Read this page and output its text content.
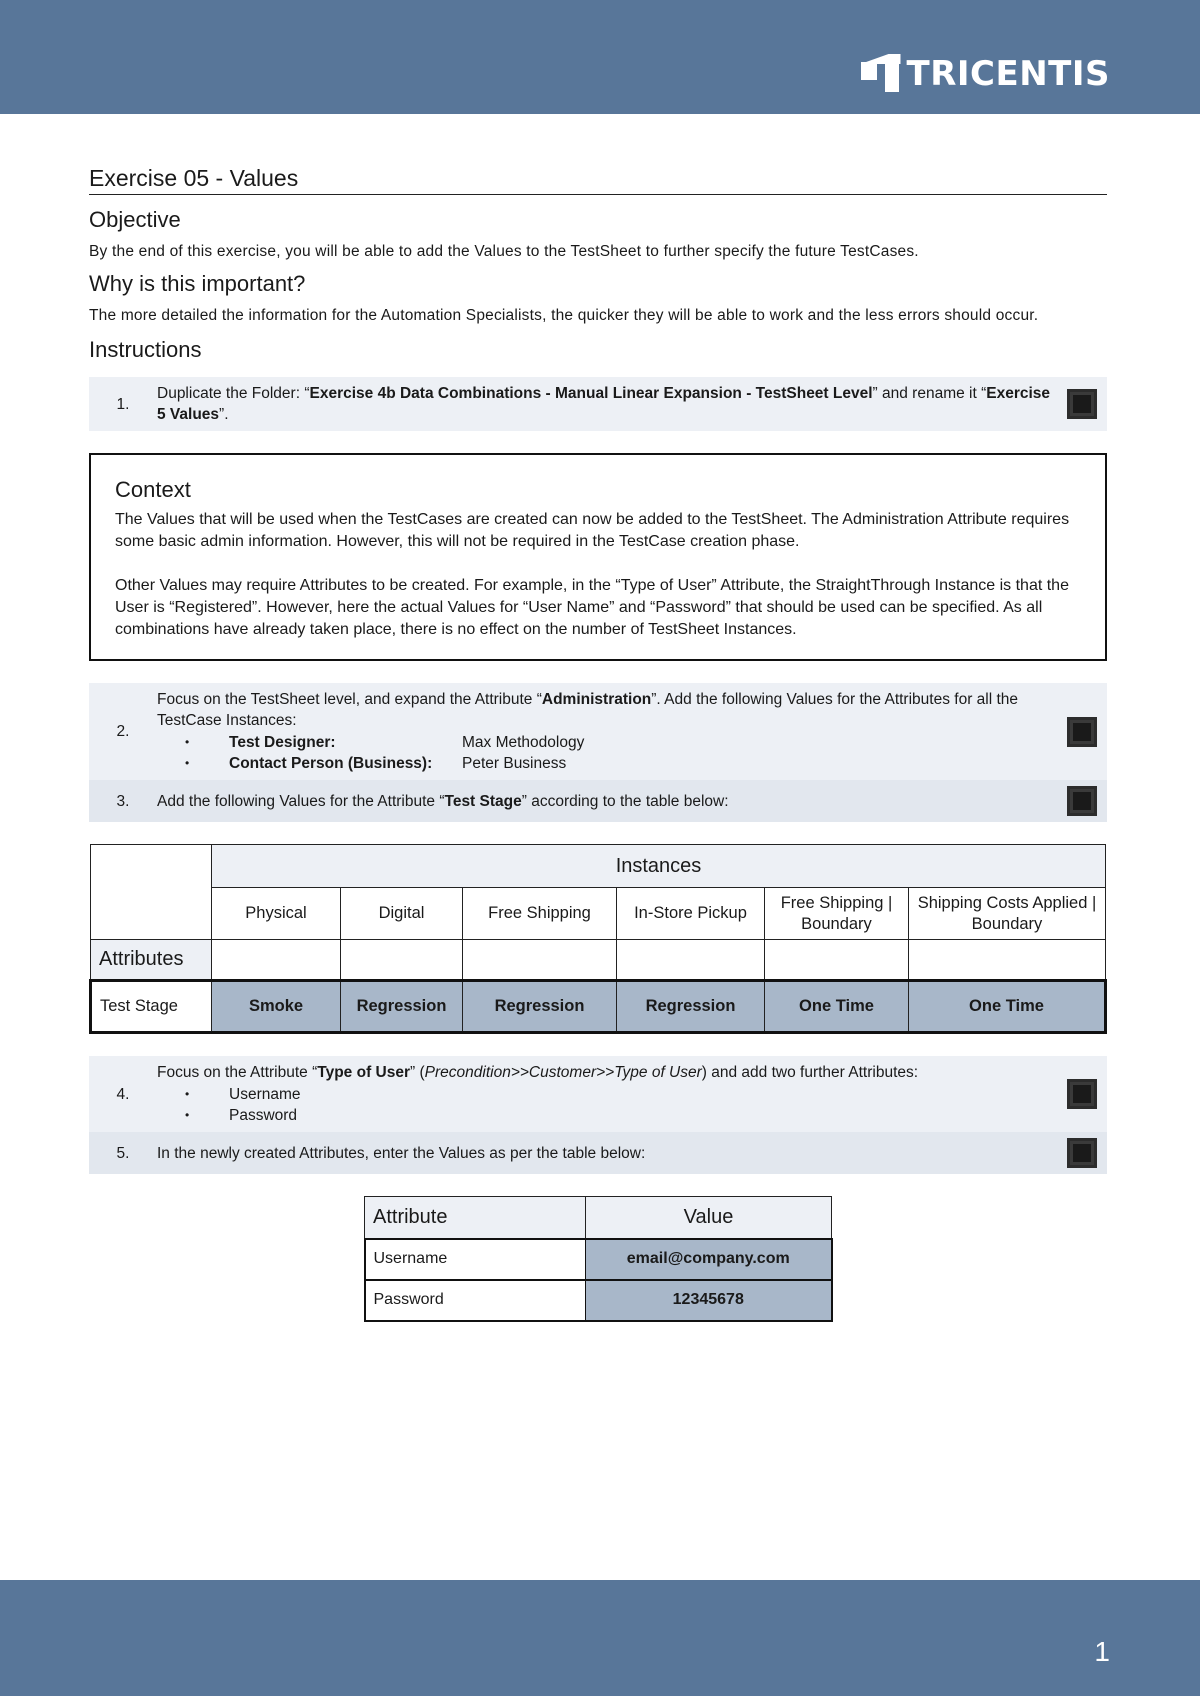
TRICENTIS
Exercise 05 - Values
Objective

By the end of this exercise, you will be able to add the Values to the TestSheet to further specify the future TestCases.

Why is this important?

The more detailed the information for the Automation Specialists, the quicker they will be able to work and the less errors should occur.

Instructions
1.
Duplicate the Folder: “Exercise 4b Data Combinations - Manual Linear Expansion - TestSheet Level” and rename it “Exercise 5 Values”.
Context

The Values that will be used when the TestCases are created can now be added to the TestSheet. The Administration Attribute requires some basic admin information. However, this will not be required in the TestCase creation phase.

Other Values may require Attributes to be created. For example, in the “Type of User” Attribute, the StraightThrough Instance is that the User is “Registered”. However, here the actual Values for “User Name” and “Password” that should be used can be specified. As all combinations have already taken place, there is no effect on the number of TestSheet Instances.

2.
Focus on the TestSheet level, and expand the Attribute “Administration”. Add the following Values for the Attributes for all the TestCase Instances:
• Test Designer:	Max Methodology
• Contact Person (Business): Peter Business
3.	Add the following Values for the Attribute “Test Stage” according to the table below:
	Instances					
	Physical	Digital	Free Shipping	In-Store Pickup	Free Shipping | Boundary	Shipping Costs Applied | Boundary
Attributes						
Test Stage	Smoke	Regression	Regression	Regression	One Time	One Time
4.
Focus on the Attribute “Type of User” (Precondition>>Customer>>Type of User) and add two further Attributes:
• Username
• Password
5.	In the newly created Attributes, enter the Values as per the table below:
Attribute	Value
Username	email@company.com
Password	12345678
1
